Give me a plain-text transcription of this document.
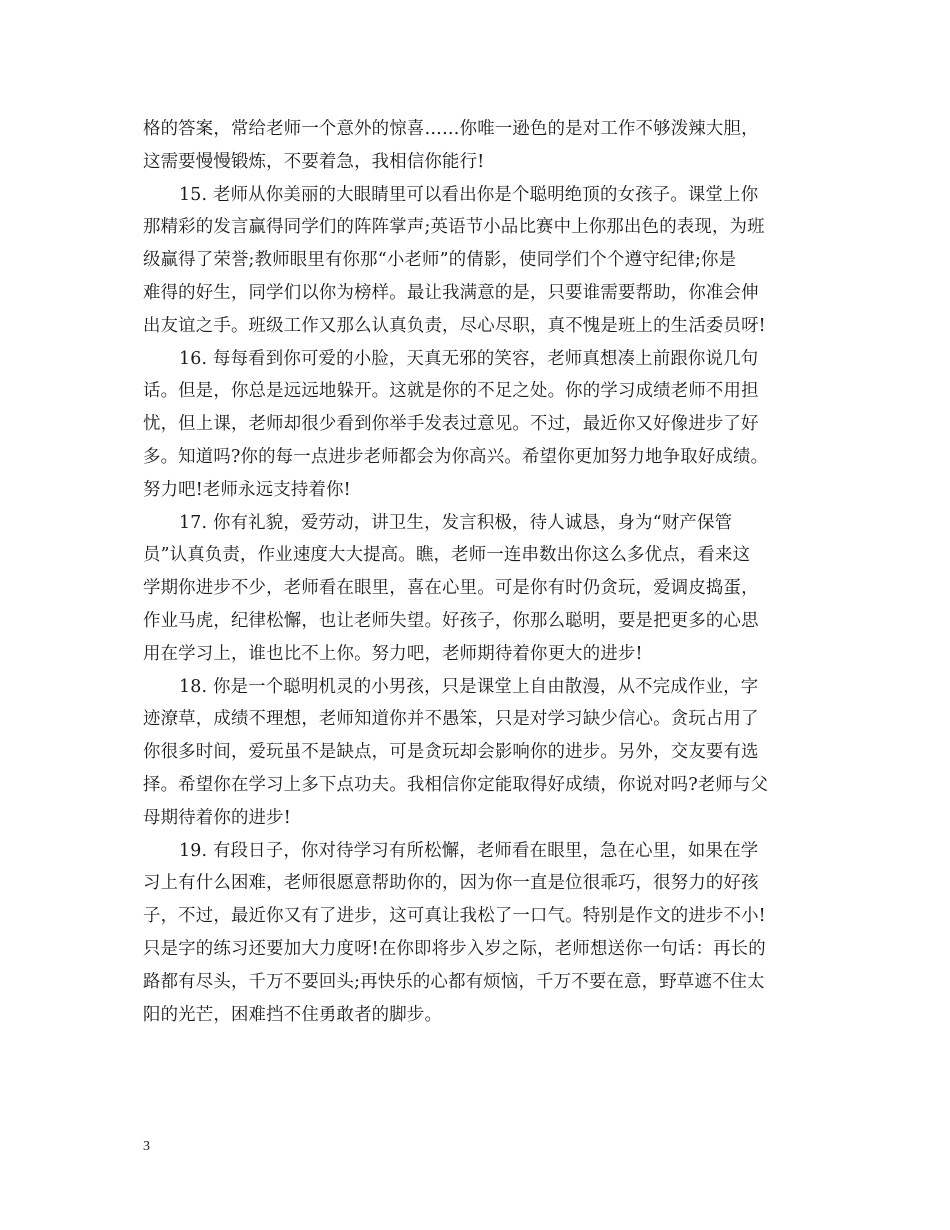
格的答案，常给老师一个意外的惊喜……你唯一逊色的是对工作不够泼辣大胆，
这需要慢慢锻炼，不要着急，我相信你能行!

15. 老师从你美丽的大眼睛里可以看出你是个聪明绝顶的女孩子。课堂上你
那精彩的发言赢得同学们的阵阵掌声;英语节小品比赛中上你那出色的表现，为班
级赢得了荣誉;教师眼里有你那“小老师”的倩影，使同学们个个遵守纪律;你是
难得的好生，同学们以你为榜样。最让我满意的是，只要谁需要帮助，你准会伸
出友谊之手。班级工作又那么认真负责，尽心尽职，真不愧是班上的生活委员呀!

16. 每每看到你可爱的小脸，天真无邪的笑容，老师真想凑上前跟你说几句
话。但是，你总是远远地躲开。这就是你的不足之处。你的学习成绩老师不用担
忧，但上课，老师却很少看到你举手发表过意见。不过，最近你又好像进步了好
多。知道吗?你的每一点进步老师都会为你高兴。希望你更加努力地争取好成绩。
努力吧!老师永远支持着你!

17. 你有礼貌，爱劳动，讲卫生，发言积极，待人诚恳，身为“财产保管
员”认真负责，作业速度大大提高。瞧，老师一连串数出你这么多优点，看来这
学期你进步不少，老师看在眼里，喜在心里。可是你有时仍贪玩，爱调皮捣蛋，
作业马虎，纪律松懈，也让老师失望。好孩子，你那么聪明，要是把更多的心思
用在学习上，谁也比不上你。努力吧，老师期待着你更大的进步!

18. 你是一个聪明机灵的小男孩，只是课堂上自由散漫，从不完成作业，字
迹潦草，成绩不理想，老师知道你并不愚笨，只是对学习缺少信心。贪玩占用了
你很多时间，爱玩虽不是缺点，可是贪玩却会影响你的进步。另外，交友要有选
择。希望你在学习上多下点功夫。我相信你定能取得好成绩，你说对吗?老师与父
母期待着你的进步!

19. 有段日子，你对待学习有所松懈，老师看在眼里，急在心里，如果在学
习上有什么困难，老师很愿意帮助你的，因为你一直是位很乖巧，很努力的好孩
子，不过，最近你又有了进步，这可真让我松了一口气。特别是作文的进步不小!
只是字的练习还要加大力度呀!在你即将步入岁之际，老师想送你一句话：再长的
路都有尽头，千万不要回头;再快乐的心都有烦恼，千万不要在意，野草遮不住太
阳的光芒，困难挡不住勇敢者的脚步。

3
